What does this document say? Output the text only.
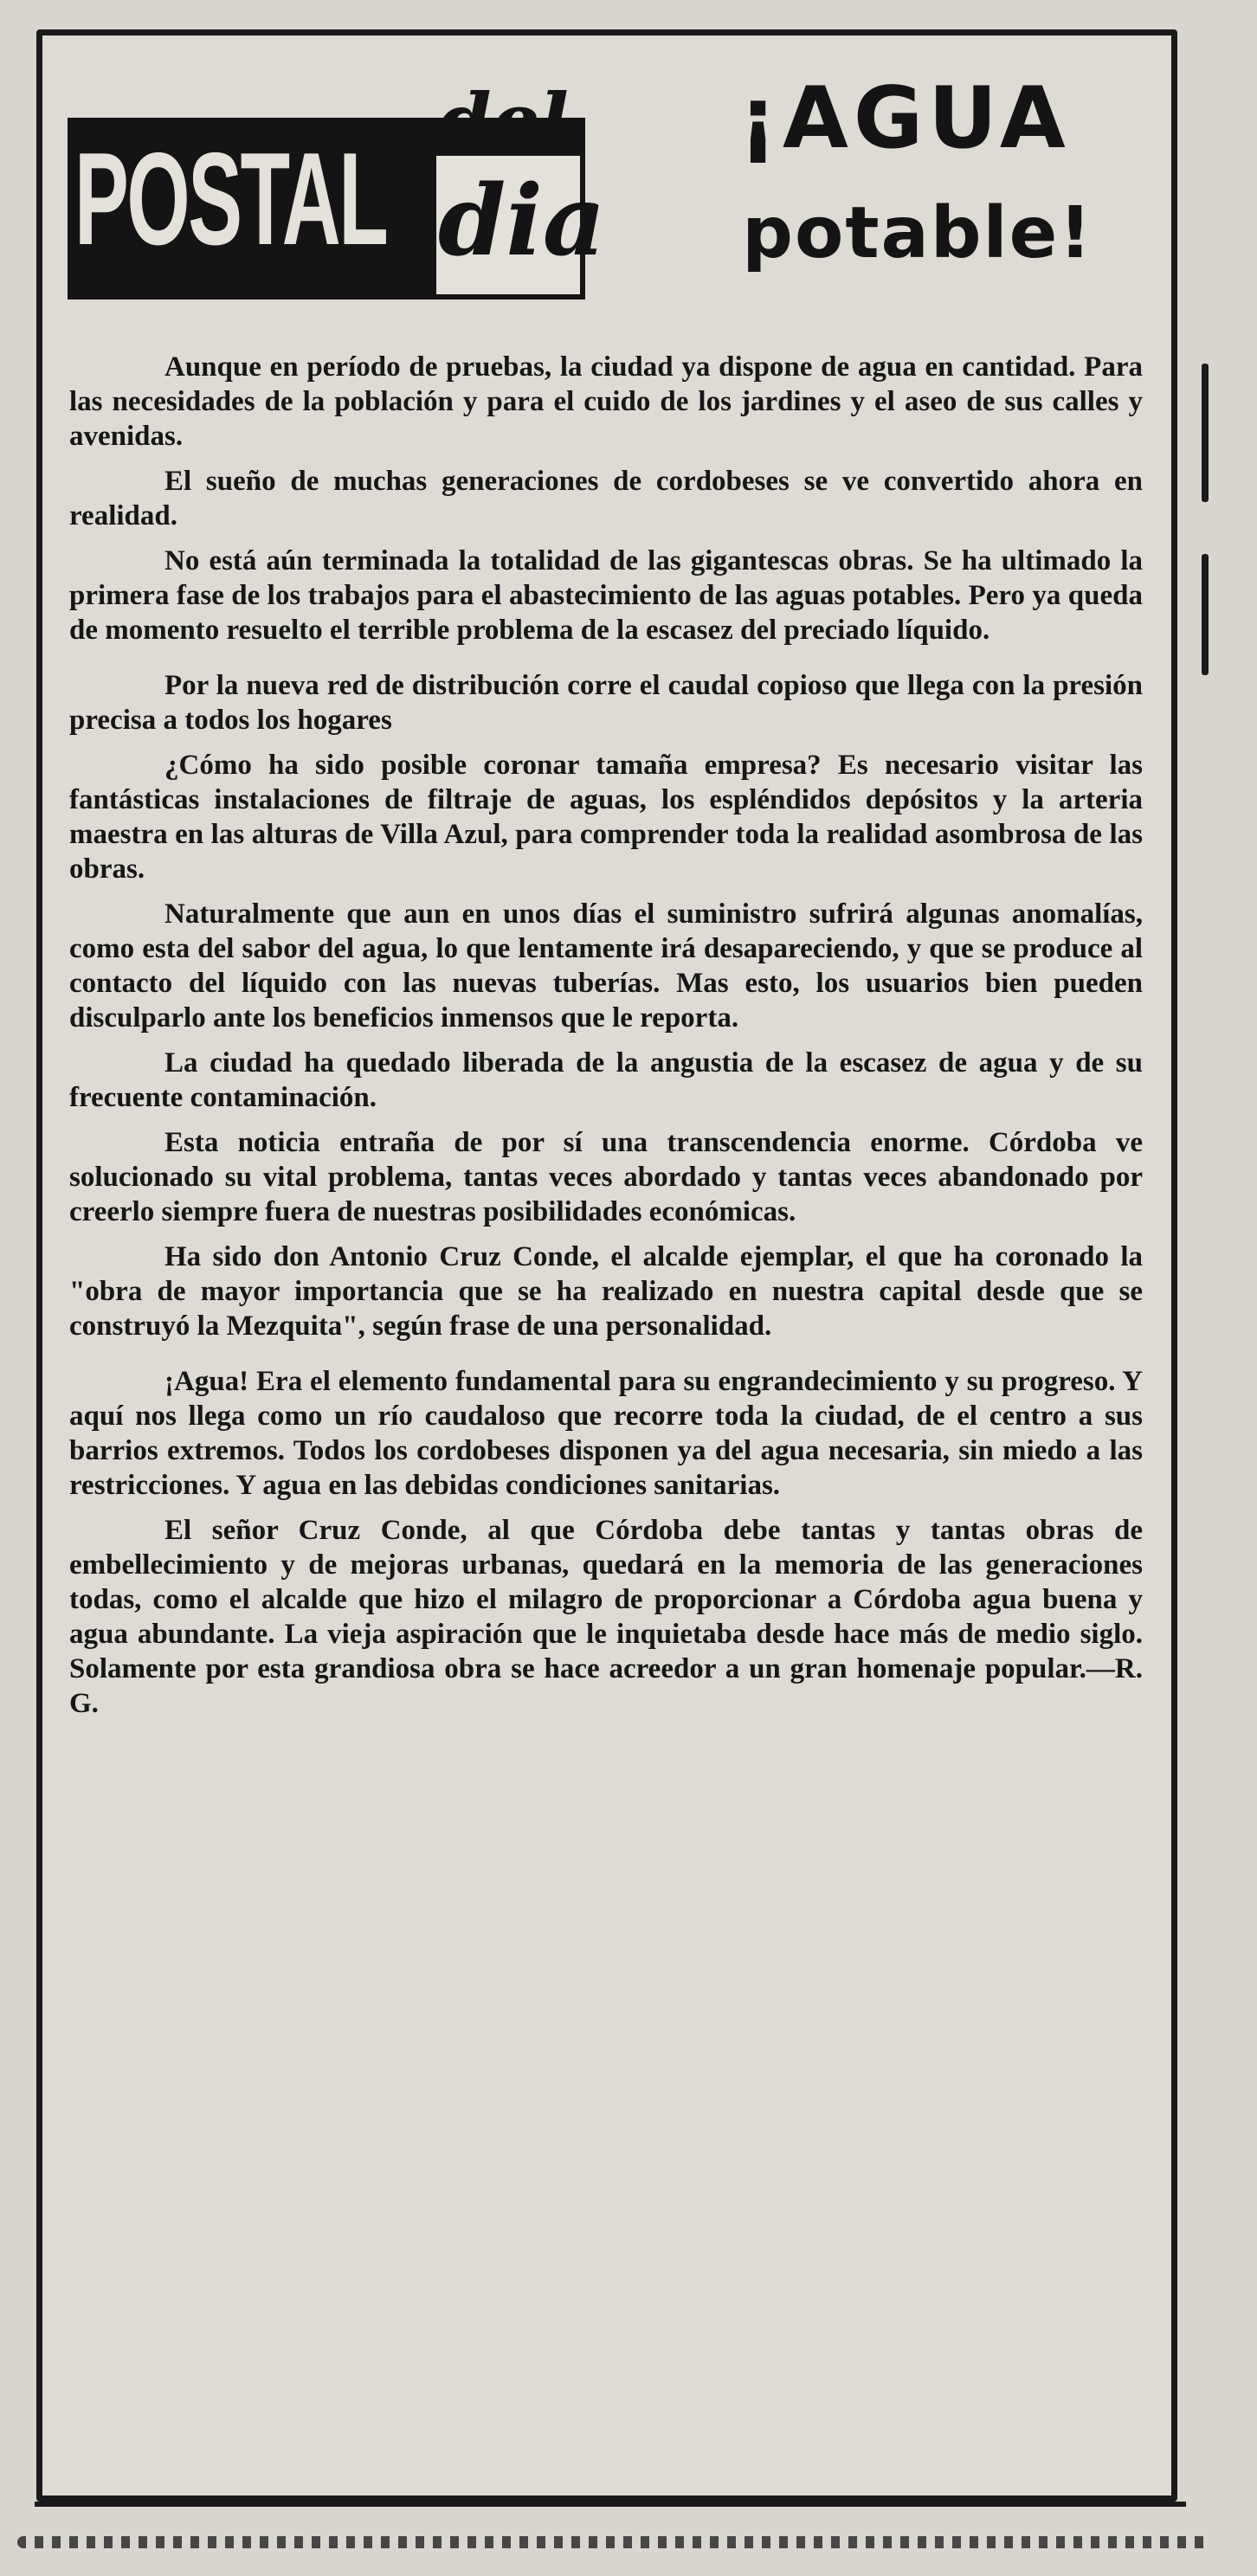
POSTAL
del
dia
¡AGUA
potable!

Aunque en período de pruebas, la ciudad ya dispone de agua en cantidad. Para las necesidades de la población y para el cuido de los jardines y el aseo de sus calles y avenidas.

El sueño de muchas generaciones de cordobeses se ve convertido ahora en realidad.

No está aún terminada la totalidad de las gigantescas obras. Se ha ultimado la primera fase de los trabajos para el abastecimiento de las aguas potables. Pero ya queda de momento resuelto el terrible problema de la escasez del preciado líquido.

Por la nueva red de distribución corre el caudal copioso que llega con la presión precisa a todos los hogares

¿Cómo ha sido posible coronar tamaña empresa? Es necesario visitar las fantásticas instalaciones de filtraje de aguas, los espléndidos depósitos y la arteria maestra en las alturas de Villa Azul, para comprender toda la realidad asombrosa de las obras.

Naturalmente que aun en unos días el suministro sufrirá algunas anomalías, como esta del sabor del agua, lo que lentamente irá desapareciendo, y que se produce al contacto del líquido con las nuevas tuberías. Mas esto, los usuarios bien pueden disculparlo ante los beneficios inmensos que le reporta.

La ciudad ha quedado liberada de la angustia de la escasez de agua y de su frecuente contaminación.

Esta noticia entraña de por sí una transcendencia enorme. Córdoba ve solucionado su vital problema, tantas veces abordado y tantas veces abandonado por creerlo siempre fuera de nuestras posibilidades económicas.

Ha sido don Antonio Cruz Conde, el alcalde ejemplar, el que ha coronado la "obra de mayor importancia que se ha realizado en nuestra capital desde que se construyó la Mezquita", según frase de una personalidad.

¡Agua! Era el elemento fundamental para su engrandecimiento y su progreso. Y aquí nos llega como un río caudaloso que recorre toda la ciudad, de el centro a sus barrios extremos. Todos los cordobeses disponen ya del agua necesaria, sin miedo a las restricciones. Y agua en las debidas condiciones sanitarias.

El señor Cruz Conde, al que Córdoba debe tantas y tantas obras de embellecimiento y de mejoras urbanas, quedará en la memoria de las generaciones todas, como el alcalde que hizo el milagro de proporcionar a Córdoba agua buena y agua abundante. La vieja aspiración que le inquietaba desde hace más de medio siglo. Solamente por esta grandiosa obra se hace acreedor a un gran homenaje popular.—R. G.
